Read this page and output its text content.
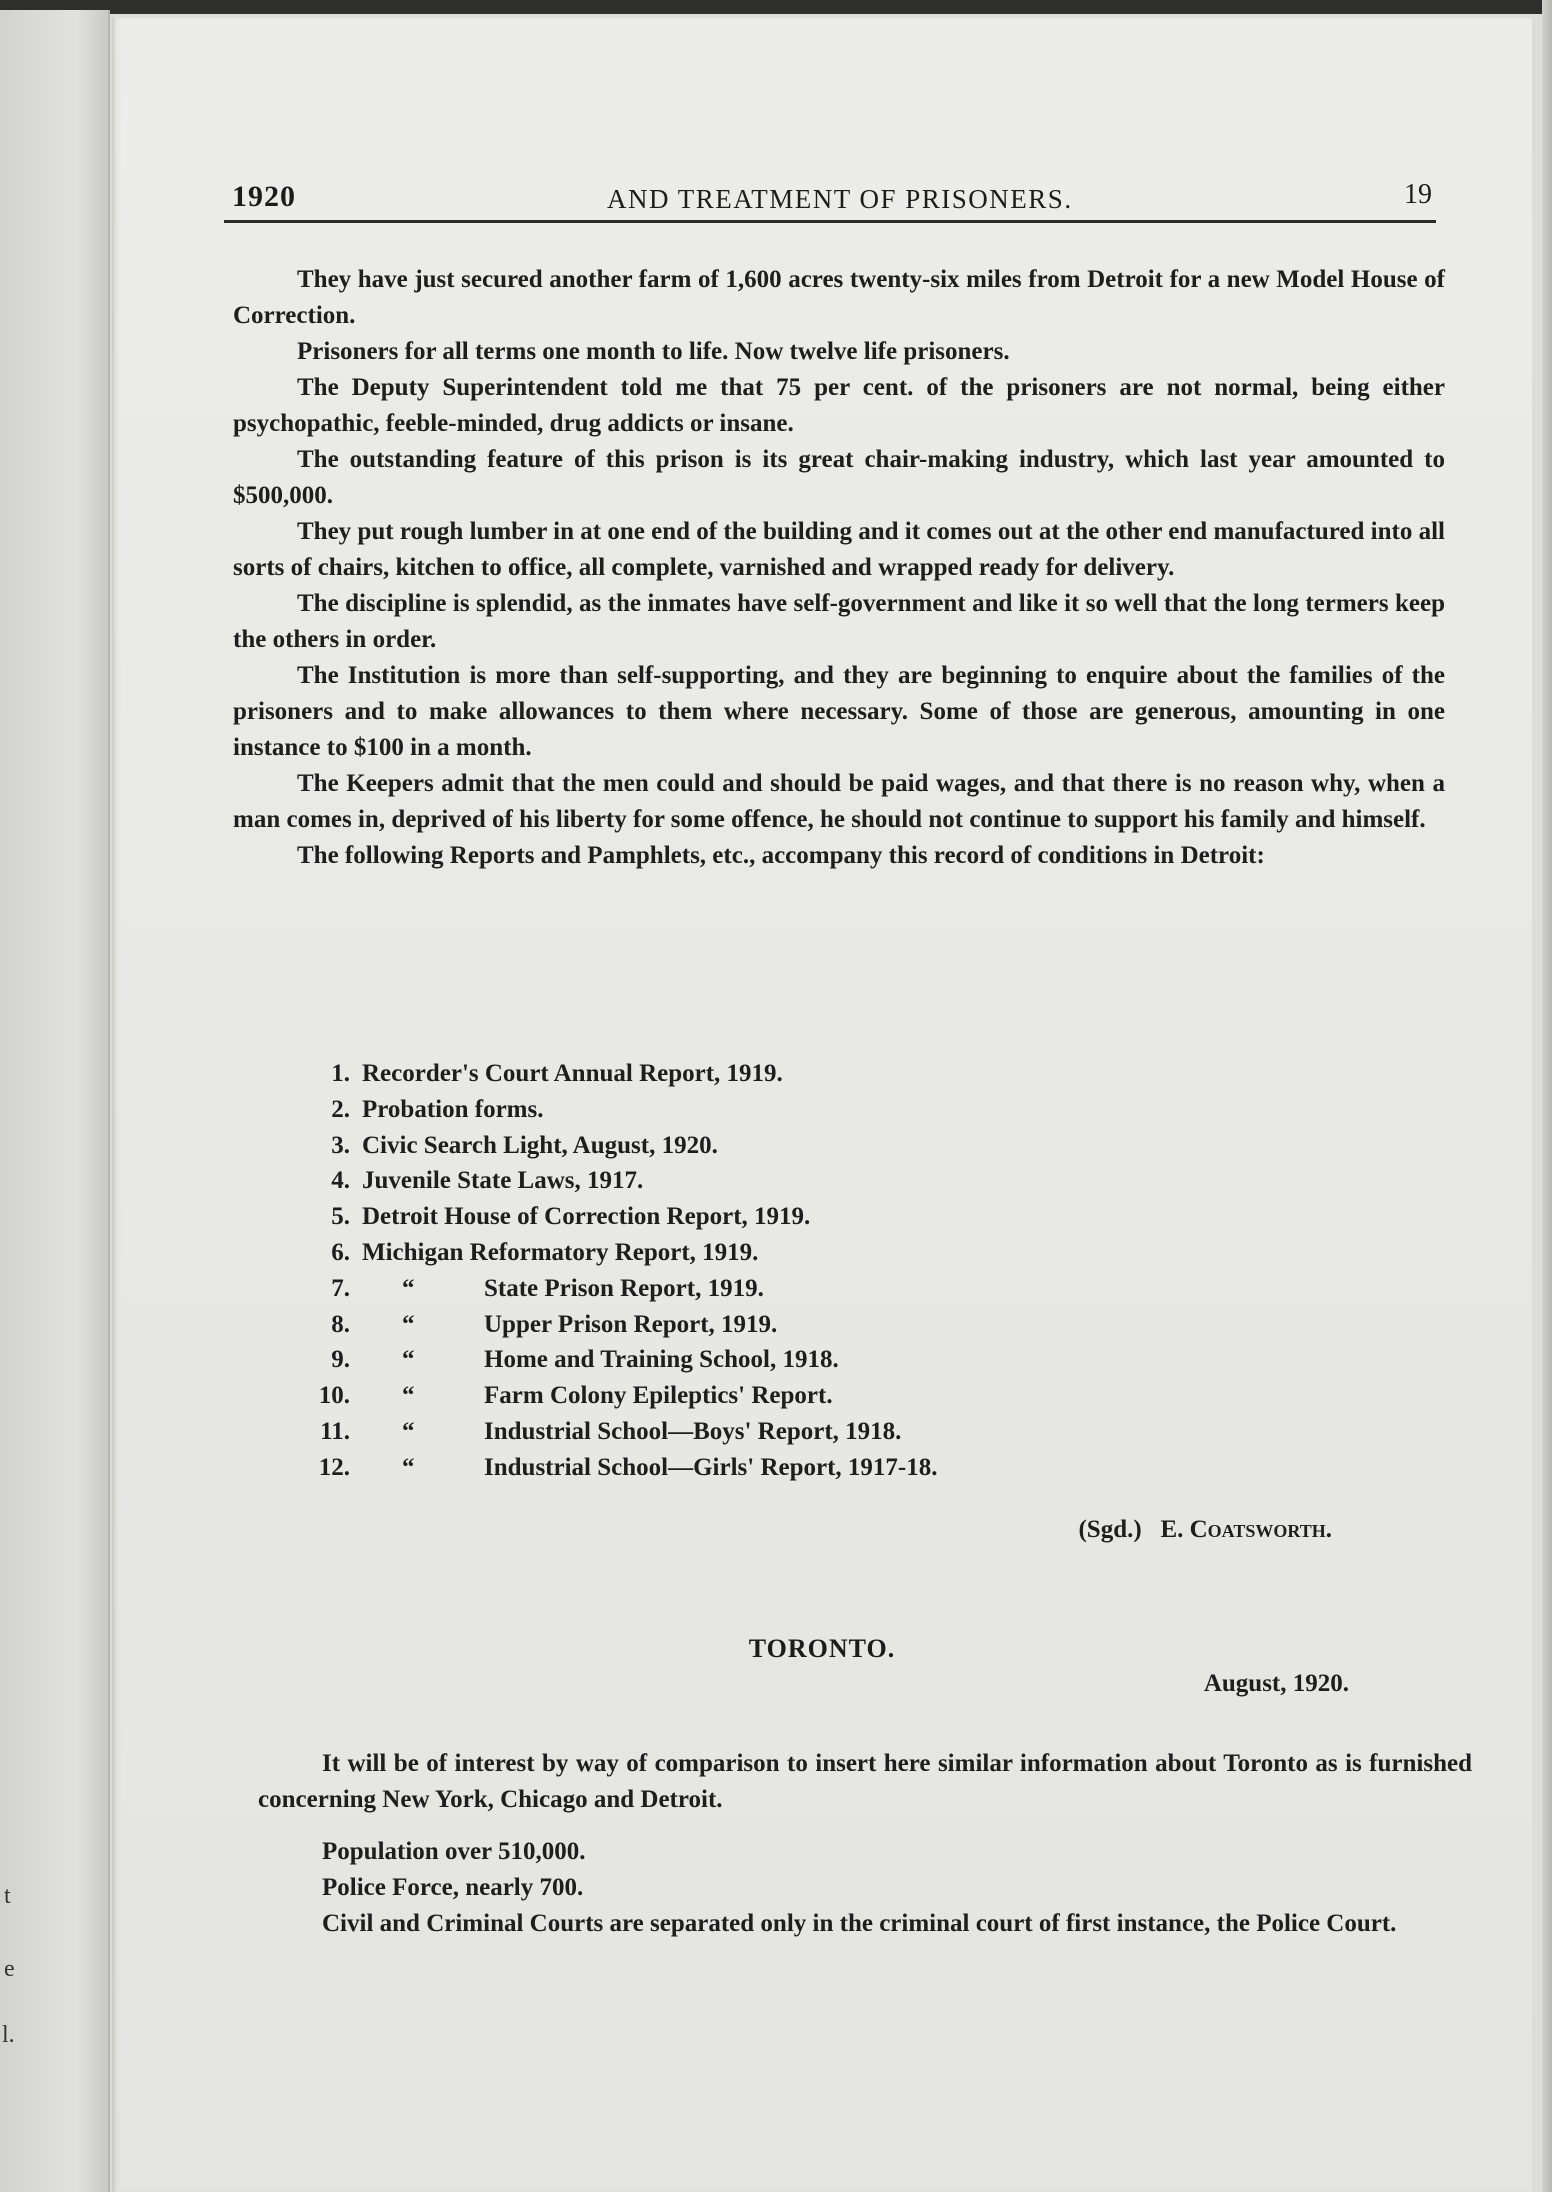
t
e
l.
1920	AND TREATMENT OF PRISONERS.	19

They have just secured another farm of 1,600 acres twenty-six miles from Detroit for a new Model House of Correction.

Prisoners for all terms one month to life. Now twelve life prisoners.

The Deputy Superintendent told me that 75 per cent. of the prisoners are not normal, being either psychopathic, feeble-minded, drug addicts or insane.

The outstanding feature of this prison is its great chair-making industry, which last year amounted to $500,000.

They put rough lumber in at one end of the building and it comes out at the other end manufactured into all sorts of chairs, kitchen to office, all complete, varnished and wrapped ready for delivery.

The discipline is splendid, as the inmates have self-government and like it so well that the long termers keep the others in order.

The Institution is more than self-supporting, and they are beginning to enquire about the families of the prisoners and to make allowances to them where necessary. Some of those are generous, amounting in one instance to $100 in a month.

The Keepers admit that the men could and should be paid wages, and that there is no reason why, when a man comes in, deprived of his liberty for some offence, he should not continue to support his family and himself.

The following Reports and Pamphlets, etc., accompany this record of conditions in Detroit:

1. Recorder's Court Annual Report, 1919.
2. Probation forms.
3. Civic Search Light, August, 1920.
4. Juvenile State Laws, 1917.
5. Detroit House of Correction Report, 1919.
6. Michigan Reformatory Report, 1919.
7. “	State Prison Report, 1919.
8. “	Upper Prison Report, 1919.
9. “	Home and Training School, 1918.
10. “	Farm Colony Epileptics' Report.
11. “	Industrial School—Boys' Report, 1918.
12. “	Industrial School—Girls' Report, 1917-18.
(Sgd.) E. Coatsworth.
TORONTO.
August, 1920.

It will be of interest by way of comparison to insert here similar information about Toronto as is furnished concerning New York, Chicago and Detroit.

Population over 510,000.

Police Force, nearly 700.

Civil and Criminal Courts are separated only in the criminal court of first instance, the Police Court.
